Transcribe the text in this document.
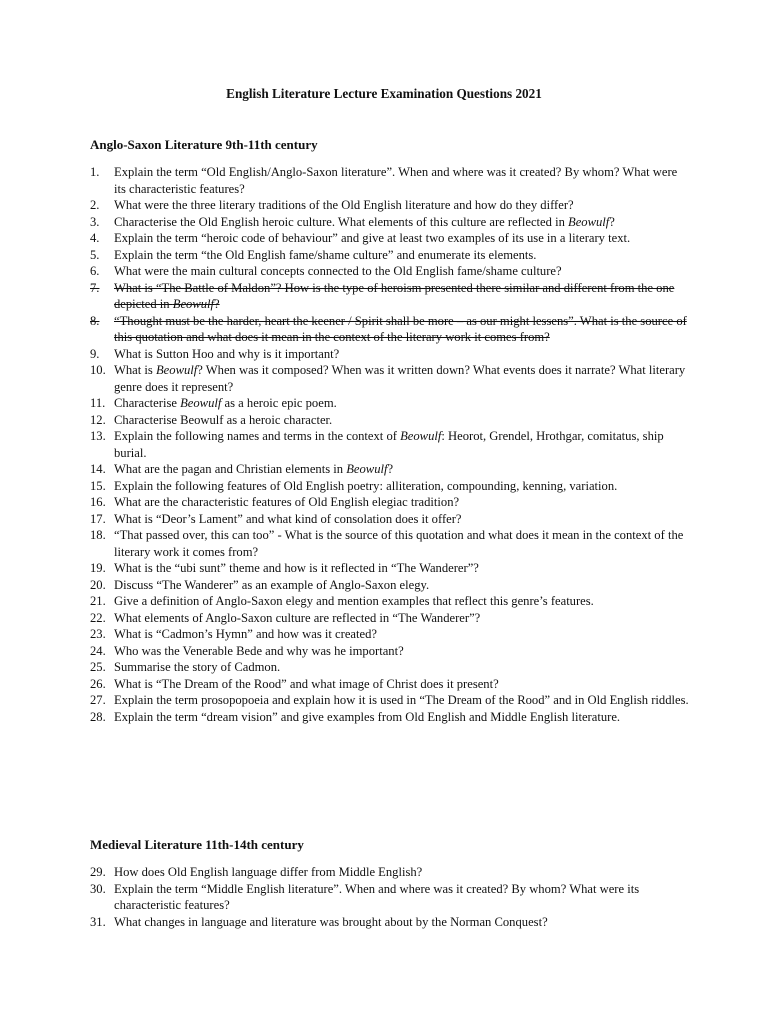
English Literature Lecture Examination Questions 2021
Anglo-Saxon Literature 9th-11th century
1. Explain the term “Old English/Anglo-Saxon literature”. When and where was it created? By whom? What were its characteristic features?
2. What were the three literary traditions of the Old English literature and how do they differ?
3. Characterise the Old English heroic culture. What elements of this culture are reflected in Beowulf?
4. Explain the term “heroic code of behaviour” and give at least two examples of its use in a literary text.
5. Explain the term “the Old English fame/shame culture” and enumerate its elements.
6. What were the main cultural concepts connected to the Old English fame/shame culture?
7. What is “The Battle of Maldon”? How is the type of heroism presented there similar and different from the one depicted in Beowulf?
8. “Thought must be the harder, heart the keener / Spirit shall be more – as our might lessens”. What is the source of this quotation and what does it mean in the context of the literary work it comes from?
9. What is Sutton Hoo and why is it important?
10. What is Beowulf? When was it composed? When was it written down? What events does it narrate? What literary genre does it represent?
11. Characterise Beowulf as a heroic epic poem.
12. Characterise Beowulf as a heroic character.
13. Explain the following names and terms in the context of Beowulf: Heorot, Grendel, Hrothgar, comitatus, ship burial.
14. What are the pagan and Christian elements in Beowulf?
15. Explain the following features of Old English poetry: alliteration, compounding, kenning, variation.
16. What are the characteristic features of Old English elegiac tradition?
17. What is “Deor’s Lament” and what kind of consolation does it offer?
18. “That passed over, this can too” - What is the source of this quotation and what does it mean in the context of the literary work it comes from?
19. What is the “ubi sunt” theme and how is it reflected in “The Wanderer”?
20. Discuss “The Wanderer” as an example of Anglo-Saxon elegy.
21. Give a definition of Anglo-Saxon elegy and mention examples that reflect this genre’s features.
22. What elements of Anglo-Saxon culture are reflected in “The Wanderer”?
23. What is “Cadmon’s Hymn” and how was it created?
24. Who was the Venerable Bede and why was he important?
25. Summarise the story of Cadmon.
26. What is “The Dream of the Rood” and what image of Christ does it present?
27. Explain the term prosopopoeia and explain how it is used in “The Dream of the Rood” and in Old English riddles.
28. Explain the term “dream vision” and give examples from Old English and Middle English literature.
Medieval Literature 11th-14th century
29. How does Old English language differ from Middle English?
30. Explain the term “Middle English literature”. When and where was it created? By whom? What were its characteristic features?
31. What changes in language and literature was brought about by the Norman Conquest?
